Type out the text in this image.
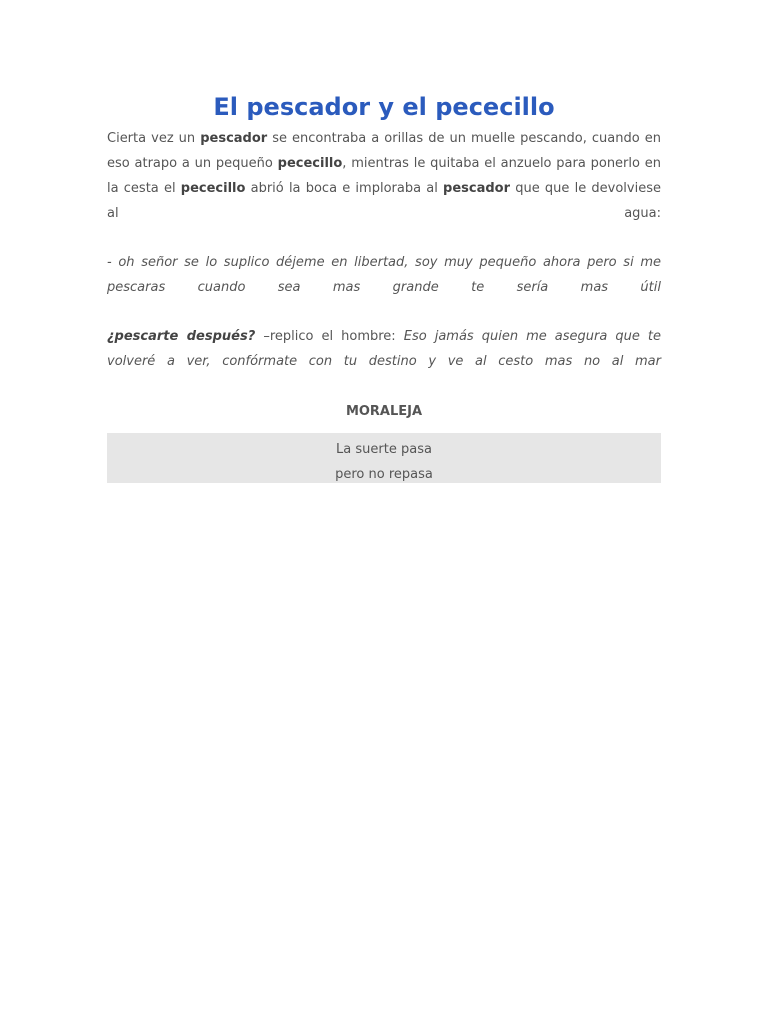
El pescador y el pececillo

Cierta vez un pescador se encontraba a orillas de un muelle pescando, cuando en eso atrapo a un pequeño pececillo, mientras le quitaba el anzuelo para ponerlo en la cesta el pececillo abrió la boca e imploraba al pescador que que le devolviese al agua:

- oh señor se lo suplico déjeme en libertad, soy muy pequeño ahora pero si me pescaras cuando sea mas grande te sería mas útil

¿pescarte después? –replico el hombre: Eso jamás quien me asegura que te volveré a ver, confórmate con tu destino y ve al cesto mas no al mar

MORALEJA
La suerte pasa
pero no repasa
